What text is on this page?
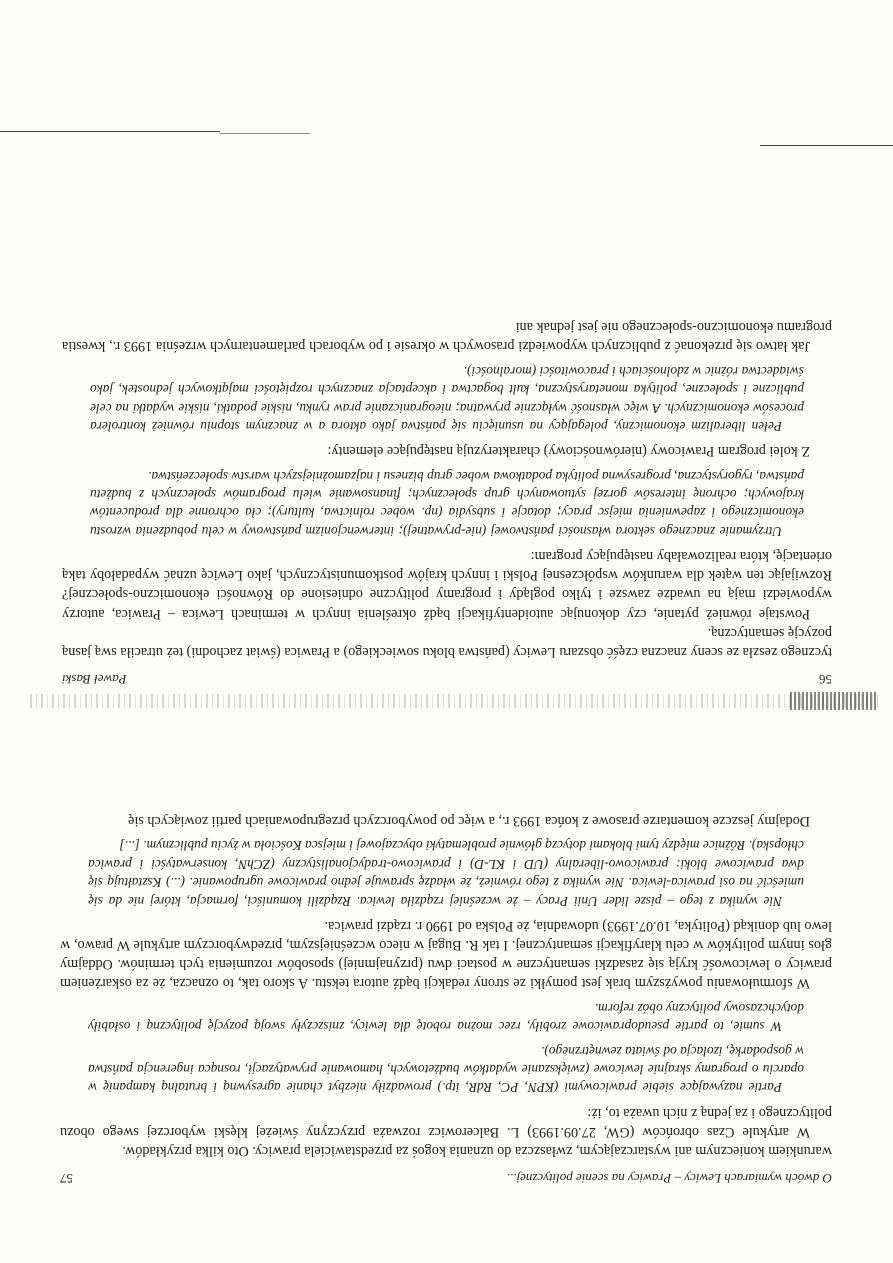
56
Paweł Baski

tycznego zeszła ze sceny znaczna część obszaru Lewicy (państwa bloku sowieckiego) a Prawica (świat zachodni) też utraciła swą jasną pozycję semantyczną.

Powstaje również pytanie, czy dokonując autoidentyfikacji bądź określenia innych w terminach Lewica – Prawica, autorzy wypowiedzi mają na uwadze zawsze i tylko poglądy i programy polityczne odniesione do Równości ekonomiczno-społecznej? Rozwijając ten wątek dla warunków współczesnej Polski i innych krajów postkomunistycznych, jako Lewicę uznać wypadałoby taką orientację, która realizowałaby następujący program:

Utrzymanie znacznego sektora własności państwowej (nie-prywatnej); interwencjonizm państwowy w celu pobudzenia wzrostu ekonomicznego i zapewnienia miejsc pracy; dotacje i subsydia (np. wobec rolnictwa, kultury); cła ochronne dla producentów krajowych; ochronę interesów gorzej sytuowanych grup społecznych; finansowanie wielu programów społecznych z budżetu państwa, rygorystyczna, progresywna polityka podatkowa wobec grup biznesu i najzamożniejszych warstw społeczeństwa.

Z kolei program Prawicowy (nierównościowy) charakteryzują następujące elementy:

Pełen liberalizm ekonomiczny, polegający na usunięciu się państwa jako aktora a w znacznym stopniu również kontrolera procesów ekonomicznych. A więc własność wyłącznie prywatna; nieograniczanie praw rynku, niskie podatki, niskie wydatki na cele publiczne i społeczne, polityka monetarystyczna, kult bogactwa i akceptacja znacznych rozpiętości majątkowych jednostek, jako świadectwa różnic w zdolnościach i pracowitości (moralności).

Jak łatwo się przekonać z publicznych wypowiedzi prasowych w okresie i po wyborach parlamentarnych września 1993 r., kwestia programu ekonomiczno-społecznego nie jest jednak ani

O dwóch wymiarach Lewicy – Prawicy na scenie politycznej...
57

warunkiem koniecznym ani wystarczającym, zwłaszcza do uznania kogoś za przedstawiciela prawicy. Oto kilka przykładów.

W artykule Czas obrońców (GW, 27.09.1993) L. Balcerowicz rozważa przyczyny świeżej klęski wyborczej swego obozu politycznego i za jedną z nich uważa to, iż:

Partie nazywające siebie prawicowymi (KPN, PC, RdR, itp.) prowadziły niezbyt chanie agresywną i brutalną kampanię w oparciu o programy skrajnie lewicowe (zwiększanie wydatków budżetowych, hamowanie prywatyzacji, rosnąca ingerencja państwa w gospodarkę, izolacja od świata zewnętrznego).

W sumie, to partie pseudoprawicowe zrobiły, rzec można robotę dla lewicy, zniszczyły swoją pozycję polityczną i osłabiły dotychczasowy polityczny obóz reform.

W sformułowaniu powyższym brak jest pomyłki ze strony redakcji bądź autora tekstu. A skoro tak, to oznacza, że za oskarżeniem prawicy o lewicowość kryją się zasadzki semantyczne w postaci dwu (przynajmniej) sposobów rozumienia tych terminów. Oddajmy głos innym polityków w celu klaryfikacji semantycznej. I tak R. Bugaj w nieco wcześniejszym, przedwyborczym artykule W prawo, w lewo lub donikąd (Polityka, 10.07.1993) udowadnia, że Polska od 1990 r. rządzi prawica.

Nie wynika z tego – pisze lider Unii Pracy – że wcześniej rządziła lewica. Rządzili komuniści, formacja, której nie da się umieścić na osi prawica-lewica. Nie wynika z tego również, że władzę sprawuje jedno prawicowe ugrupowanie. (...) Kształtują się dwa prawicowe bloki: prawicowo-liberalny (UD i KL-D) i prawicowo-tradycjonalistyczny (ZChN, konserwatyści i prawica chłopska). Różnice między tymi blokami dotyczą głównie problematyki obyczajowej i miejsca Kościoła w życiu publicznym. [...]

Dodajmy jeszcze komentarze prasowe z końca 1993 r., a więc po powyborczych przegrupowaniach partii zowiących się
